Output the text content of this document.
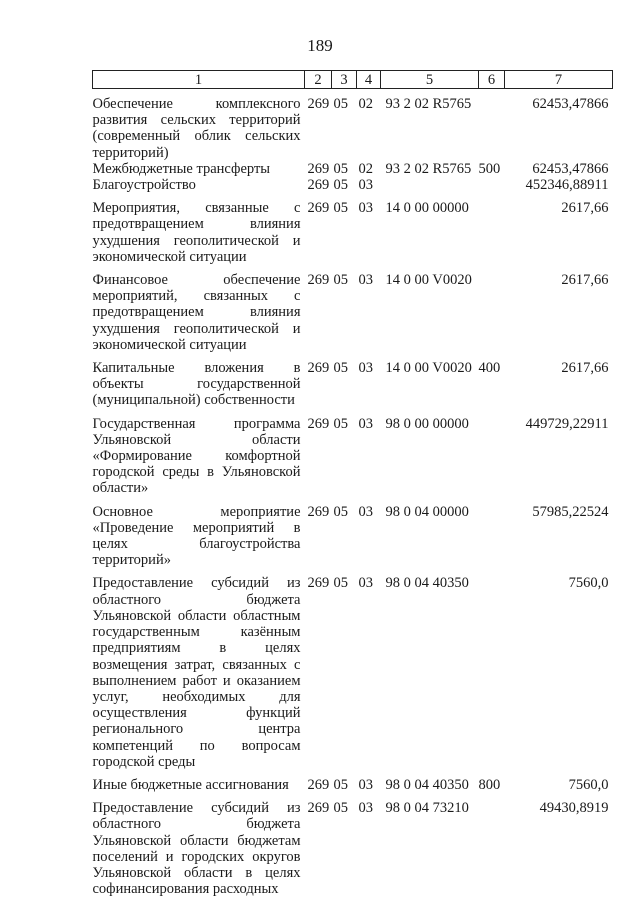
189
1	2	3	4	5	6	7
Обеспечение комплексного развития сельских территорий (современный облик сельских территорий)	269	05	02	93 2 02 R5765		62453,47866
Межбюджетные трансферты	269	05	02	93 2 02 R5765	500	62453,47866
Благоустройство	269	05	03			452346,88911
Мероприятия, связанные с предотвращением влияния ухудшения геополитической и экономической ситуации	269	05	03	14 0 00 00000		2617,66
Финансовое обеспечение мероприятий, связанных с предотвращением влияния ухудшения геополитической и экономической ситуации	269	05	03	14 0 00 V0020		2617,66
Капитальные вложения в объекты государственной (муниципальной) собственности	269	05	03	14 0 00 V0020	400	2617,66
Государственная программа Ульяновской области «Формирование комфортной городской среды в Ульяновской области»	269	05	03	98 0 00 00000		449729,22911
Основное мероприятие «Проведение мероприятий в целях благоустройства территорий»	269	05	03	98 0 04 00000		57985,22524
Предоставление субсидий из областного бюджета Ульяновской области областным государственным казённым предприятиям в целях возмещения затрат, связанных с выполнением работ и оказанием услуг, необходимых для осуществления функций регионального центра компетенций по вопросам городской среды	269	05	03	98 0 04 40350		7560,0
Иные бюджетные ассигнования	269	05	03	98 0 04 40350	800	7560,0
Предоставление субсидий из областного бюджета Ульяновской области бюджетам поселений и городских округов Ульяновской области в целях софинансирования расходных	269	05	03	98 0 04 73210		49430,8919
